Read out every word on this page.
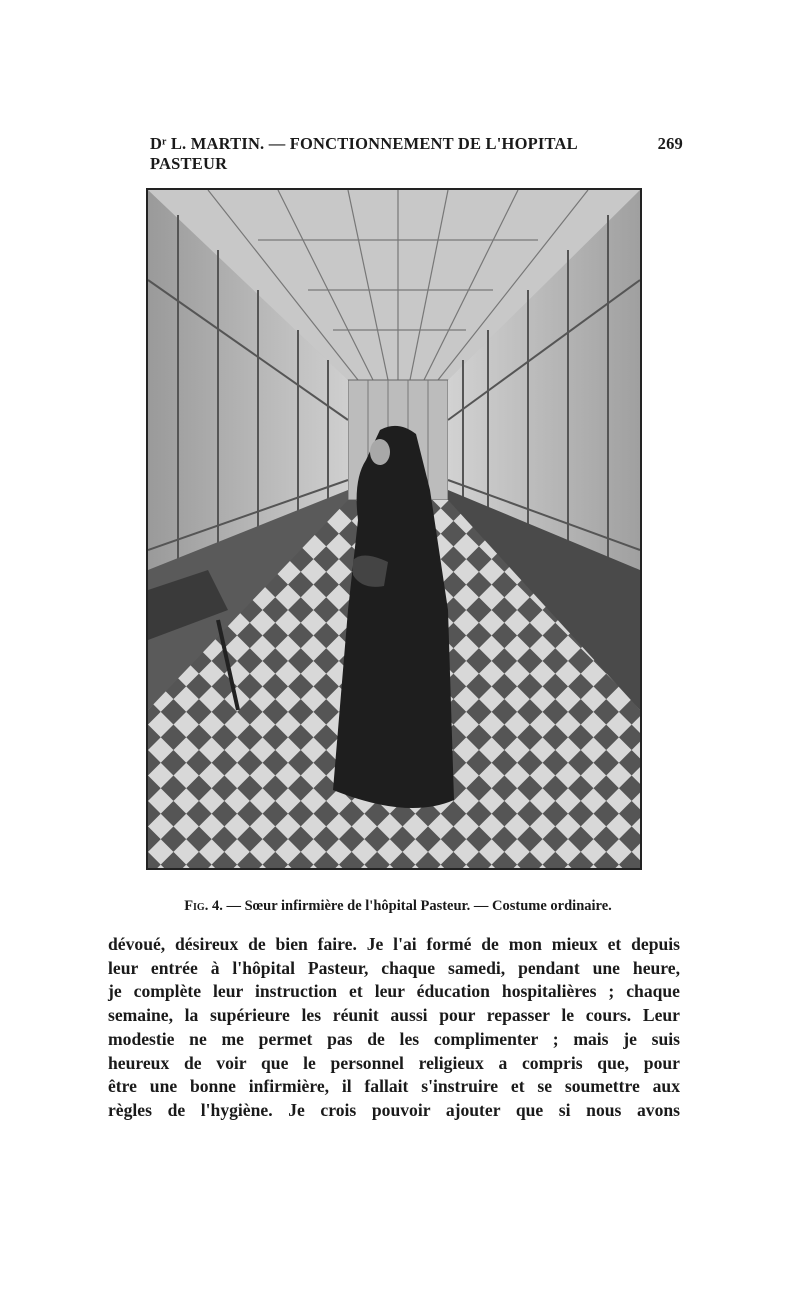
Dʳ L. MARTIN. — FONCTIONNEMENT DE L'HOPITAL PASTEUR
269
Fig. 4. — Sœur infirmière de l'hôpital Pasteur. — Costume ordinaire.
dévoué, désireux de bien faire. Je l'ai formé de mon mieux et depuis
leur entrée à l'hôpital Pasteur, chaque samedi, pendant une heure,
je complète leur instruction et leur éducation hospitalières ; chaque
semaine, la supérieure les réunit aussi pour repasser le cours. Leur
modestie ne me permet pas de les complimenter ; mais je suis
heureux de voir que le personnel religieux a compris que, pour
être une bonne infirmière, il fallait s'instruire et se soumettre aux
règles de l'hygiène. Je crois pouvoir ajouter que si nous avons
